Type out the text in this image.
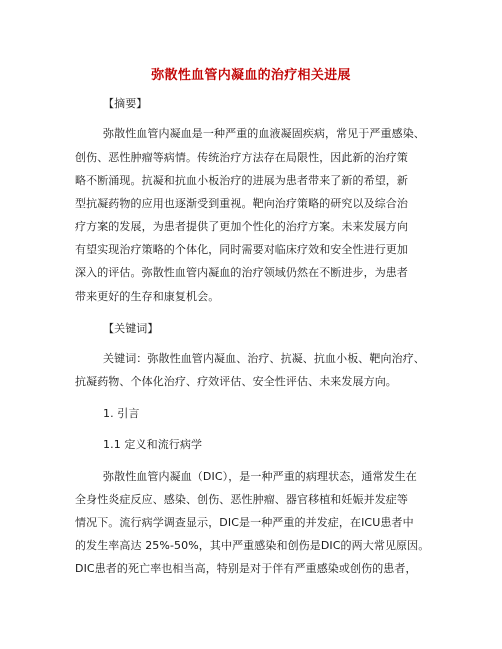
弥散性血管内凝血的治疗相关进展
【摘要】
弥散性血管内凝血是一种严重的血液凝固疾病，常见于严重感染、
创伤、恶性肿瘤等病情。传统治疗方法存在局限性，因此新的治疗策
略不断涌现。抗凝和抗血小板治疗的进展为患者带来了新的希望，新
型抗凝药物的应用也逐渐受到重视。靶向治疗策略的研究以及综合治
疗方案的发展，为患者提供了更加个性化的治疗方案。未来发展方向
有望实现治疗策略的个体化，同时需要对临床疗效和安全性进行更加
深入的评估。弥散性血管内凝血的治疗领域仍然在不断进步，为患者
带来更好的生存和康复机会。
【关键词】
关键词：弥散性血管内凝血、治疗、抗凝、抗血小板、靶向治疗、
抗凝药物、个体化治疗、疗效评估、安全性评估、未来发展方向。
1. 引言
1.1 定义和流行病学
弥散性血管内凝血（DIC），是一种严重的病理状态，通常发生在
全身性炎症反应、感染、创伤、恶性肿瘤、器官移植和妊娠并发症等
情况下。流行病学调查显示，DIC是一种严重的并发症，在ICU患者中
的发生率高达 25%-50%，其中严重感染和创伤是DIC的两大常见原因。
DIC患者的死亡率也相当高，特别是对于伴有严重感染或创伤的患者，
